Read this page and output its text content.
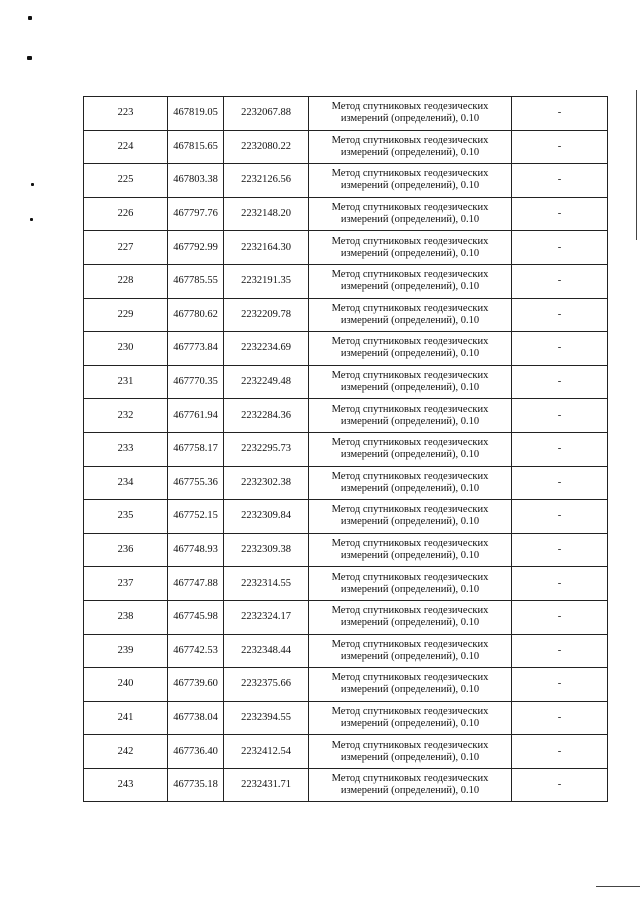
223	467819.05	2232067.88	Метод спутниковых геодезических
измерений (определений), 0.10	-
224	467815.65	2232080.22	Метод спутниковых геодезических
измерений (определений), 0.10	-
225	467803.38	2232126.56	Метод спутниковых геодезических
измерений (определений), 0.10	-
226	467797.76	2232148.20	Метод спутниковых геодезических
измерений (определений), 0.10	-
227	467792.99	2232164.30	Метод спутниковых геодезических
измерений (определений), 0.10	-
228	467785.55	2232191.35	Метод спутниковых геодезических
измерений (определений), 0.10	-
229	467780.62	2232209.78	Метод спутниковых геодезических
измерений (определений), 0.10	-
230	467773.84	2232234.69	Метод спутниковых геодезических
измерений (определений), 0.10	-
231	467770.35	2232249.48	Метод спутниковых геодезических
измерений (определений), 0.10	-
232	467761.94	2232284.36	Метод спутниковых геодезических
измерений (определений), 0.10	-
233	467758.17	2232295.73	Метод спутниковых геодезических
измерений (определений), 0.10	-
234	467755.36	2232302.38	Метод спутниковых геодезических
измерений (определений), 0.10	-
235	467752.15	2232309.84	Метод спутниковых геодезических
измерений (определений), 0.10	-
236	467748.93	2232309.38	Метод спутниковых геодезических
измерений (определений), 0.10	-
237	467747.88	2232314.55	Метод спутниковых геодезических
измерений (определений), 0.10	-
238	467745.98	2232324.17	Метод спутниковых геодезических
измерений (определений), 0.10	-
239	467742.53	2232348.44	Метод спутниковых геодезических
измерений (определений), 0.10	-
240	467739.60	2232375.66	Метод спутниковых геодезических
измерений (определений), 0.10	-
241	467738.04	2232394.55	Метод спутниковых геодезических
измерений (определений), 0.10	-
242	467736.40	2232412.54	Метод спутниковых геодезических
измерений (определений), 0.10	-
243	467735.18	2232431.71	Метод спутниковых геодезических
измерений (определений), 0.10	-
